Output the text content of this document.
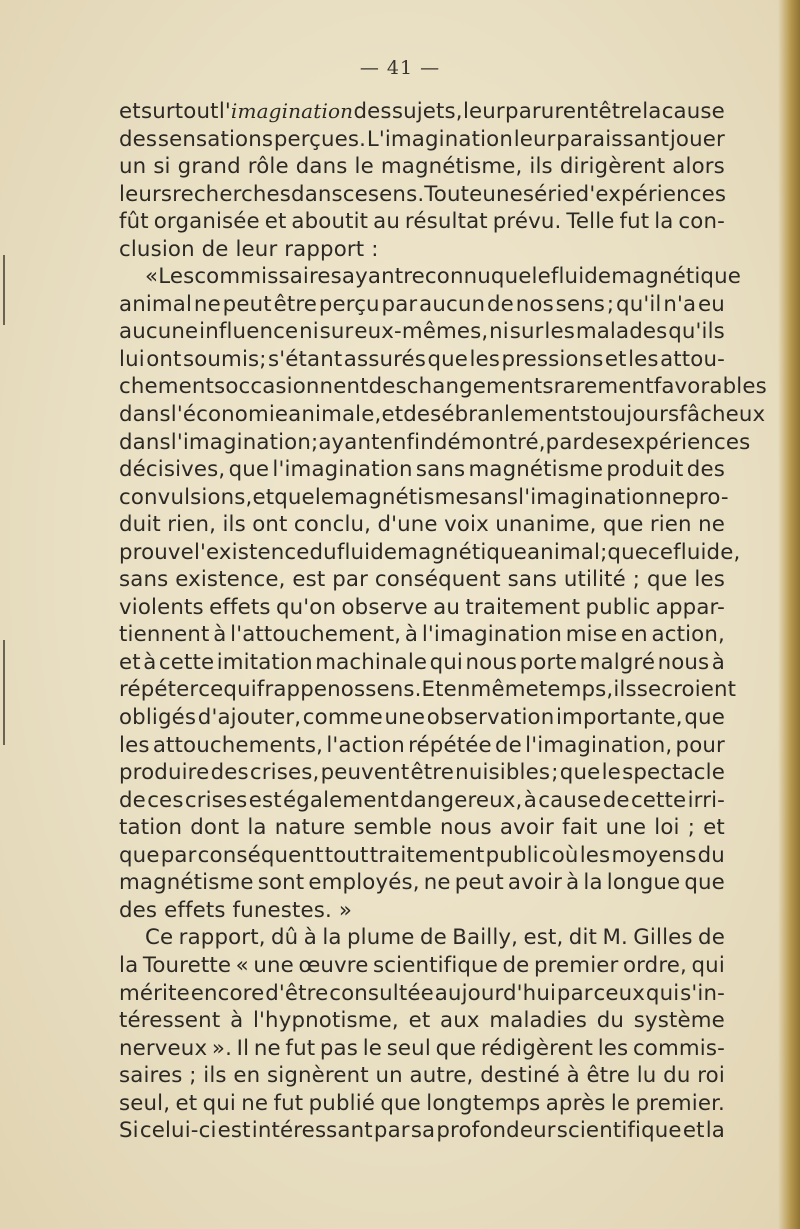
— 41 —
et surtout l'imagination des sujets, leur parurent être la cause
des sensations perçues. L'imagination leur paraissant jouer
un si grand rôle dans le magnétisme, ils dirigèrent alors
leurs recherches dans ce sens. Toute une série d'expériences
fût organisée et aboutit au résultat prévu. Telle fut la con-
clusion de leur rapport :
« Les commissaires ayant reconnu que le fluide magnétique
animal ne peut être perçu par aucun de nos sens ; qu'il n'a eu
aucune influence ni sur eux-mêmes, ni sur les malades qu'ils
lui ont soumis; s'étant assurés que les pressions et les attou-
chements occasionnent des changements rarement favorables
dans l'économie animale, et des ébranlements toujours fâcheux
dans l'imagination ; ayant enfin démontré, par des expériences
décisives, que l'imagination sans magnétisme produit des
convulsions, et que le magnétisme sans l'imagination ne pro-
duit rien, ils ont conclu, d'une voix unanime, que rien ne
prouve l'existence du fluide magnétique animal ; que ce fluide,
sans existence, est par conséquent sans utilité ; que les
violents effets qu'on observe au traitement public appar-
tiennent à l'attouchement, à l'imagination mise en action,
et à cette imitation machinale qui nous porte malgré nous à
répéter ce qui frappe nos sens. Et en même temps, ils se croient
obligés d'ajouter, comme une observation importante, que
les attouchements, l'action répétée de l'imagination, pour
produire des crises, peuvent être nuisibles ; que le spectacle
de ces crises est également dangereux, à cause de cette irri-
tation dont la nature semble nous avoir fait une loi ; et
que par conséquent tout traitement public où les moyens du
magnétisme sont employés, ne peut avoir à la longue que
des effets funestes. »
Ce rapport, dû à la plume de Bailly, est, dit M. Gilles de
la Tourette « une œuvre scientifique de premier ordre, qui
mérite encore d'être consultée aujourd'hui par ceux qui s'in-
téressent à l'hypnotisme, et aux maladies du système
nerveux ». Il ne fut pas le seul que rédigèrent les commis-
saires ; ils en signèrent un autre, destiné à être lu du roi
seul, et qui ne fut publié que longtemps après le premier.
Si celui-ci est intéressant par sa profondeur scientifique et la
